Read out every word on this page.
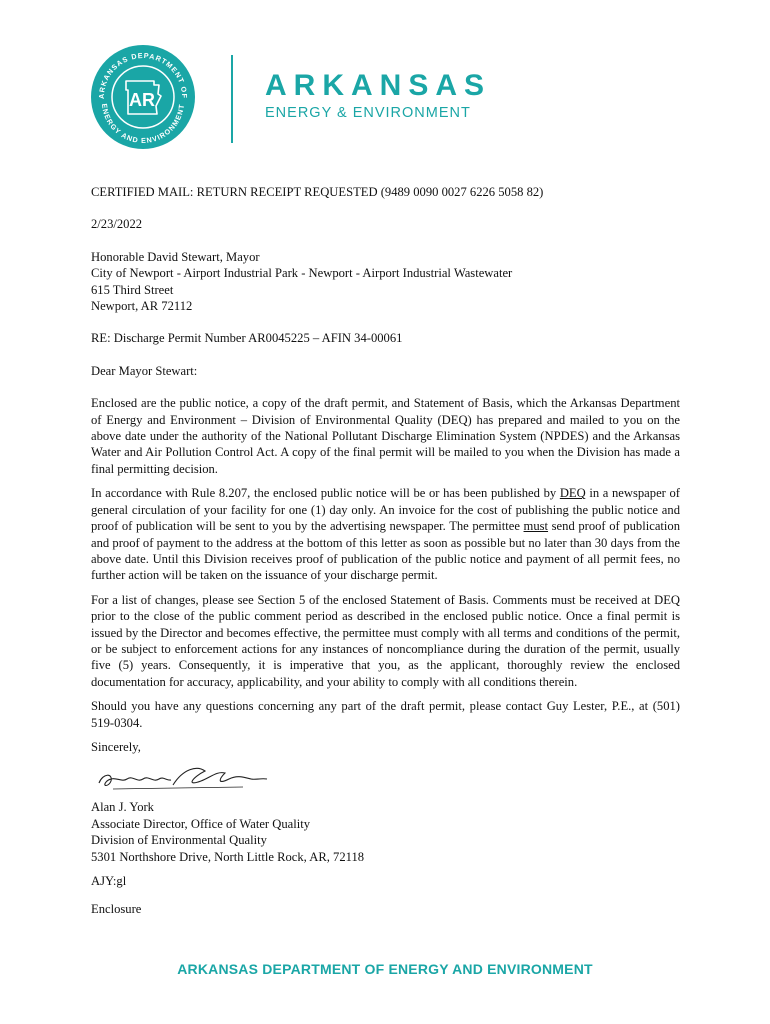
ARKANSAS DEPARTMENT OF
ENERGY AND ENVIRONMENT
AR	ARKANSAS
ENERGY & ENVIRONMENT

CERTIFIED MAIL: RETURN RECEIPT REQUESTED (9489 0090 0027 6226 5058 82)

2/23/2022

Honorable David Stewart, Mayor

City of Newport - Airport Industrial Park - Newport - Airport Industrial Wastewater

615 Third Street

Newport, AR 72112

RE: Discharge Permit Number AR0045225 – AFIN 34-00061

Dear Mayor Stewart:

Enclosed are the public notice, a copy of the draft permit, and Statement of Basis, which the Arkansas Department of Energy and Environment – Division of Environmental Quality (DEQ) has prepared and mailed to you on the above date under the authority of the National Pollutant Discharge Elimination System (NPDES) and the Arkansas Water and Air Pollution Control Act. A copy of the final permit will be mailed to you when the Division has made a final permitting decision.

In accordance with Rule 8.207, the enclosed public notice will be or has been published by DEQ in a newspaper of general circulation of your facility for one (1) day only. An invoice for the cost of publishing the public notice and proof of publication will be sent to you by the advertising newspaper. The permittee must send proof of publication and proof of payment to the address at the bottom of this letter as soon as possible but no later than 30 days from the above date. Until this Division receives proof of publication of the public notice and payment of all permit fees, no further action will be taken on the issuance of your discharge permit.

For a list of changes, please see Section 5 of the enclosed Statement of Basis. Comments must be received at DEQ prior to the close of the public comment period as described in the enclosed public notice. Once a final permit is issued by the Director and becomes effective, the permittee must comply with all terms and conditions of the permit, or be subject to enforcement actions for any instances of noncompliance during the duration of the permit, usually five (5) years. Consequently, it is imperative that you, as the applicant, thoroughly review the enclosed documentation for accuracy, applicability, and your ability to comply with all conditions therein.

Should you have any questions concerning any part of the draft permit, please contact Guy Lester, P.E., at (501) 519-0304.

Sincerely,

Alan J. York

Associate Director, Office of Water Quality

Division of Environmental Quality

5301 Northshore Drive, North Little Rock, AR, 72118

AJY:gl

Enclosure

ARKANSAS DEPARTMENT OF ENERGY AND ENVIRONMENT
